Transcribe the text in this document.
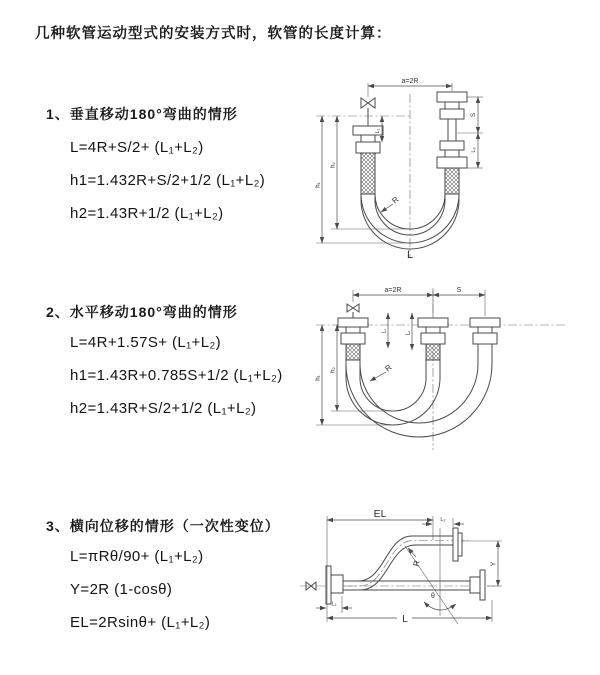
几种软管运动型式的安装方式时，软管的长度计算：
1、垂直移动180°弯曲的情形
L=4R+S/2+ (L₁+L₂)
h1=1.432R+S/2+1/2 (L₁+L₂)
h2=1.43R+1/2 (L₁+L₂)
a=2R
L₁
S
L₂
h₁
h₂
R
L
2、水平移动180°弯曲的情形
L=4R+1.57S+ (L₁+L₂)
h1=1.43R+0.785S+1/2 (L₁+L₂)
h2=1.43R+S/2+1/2 (L₁+L₂)
a=2R	S
L₁	L₂
h₁
h₂	R
3、横向位移的情形（一次性变位）
L=πRθ/90+ (L₁+L₂)
Y=2R (1-cosθ)
EL=2Rsinθ+ (L₁+L₂)
θ
R
EL	L₂
Y
L₁
L
